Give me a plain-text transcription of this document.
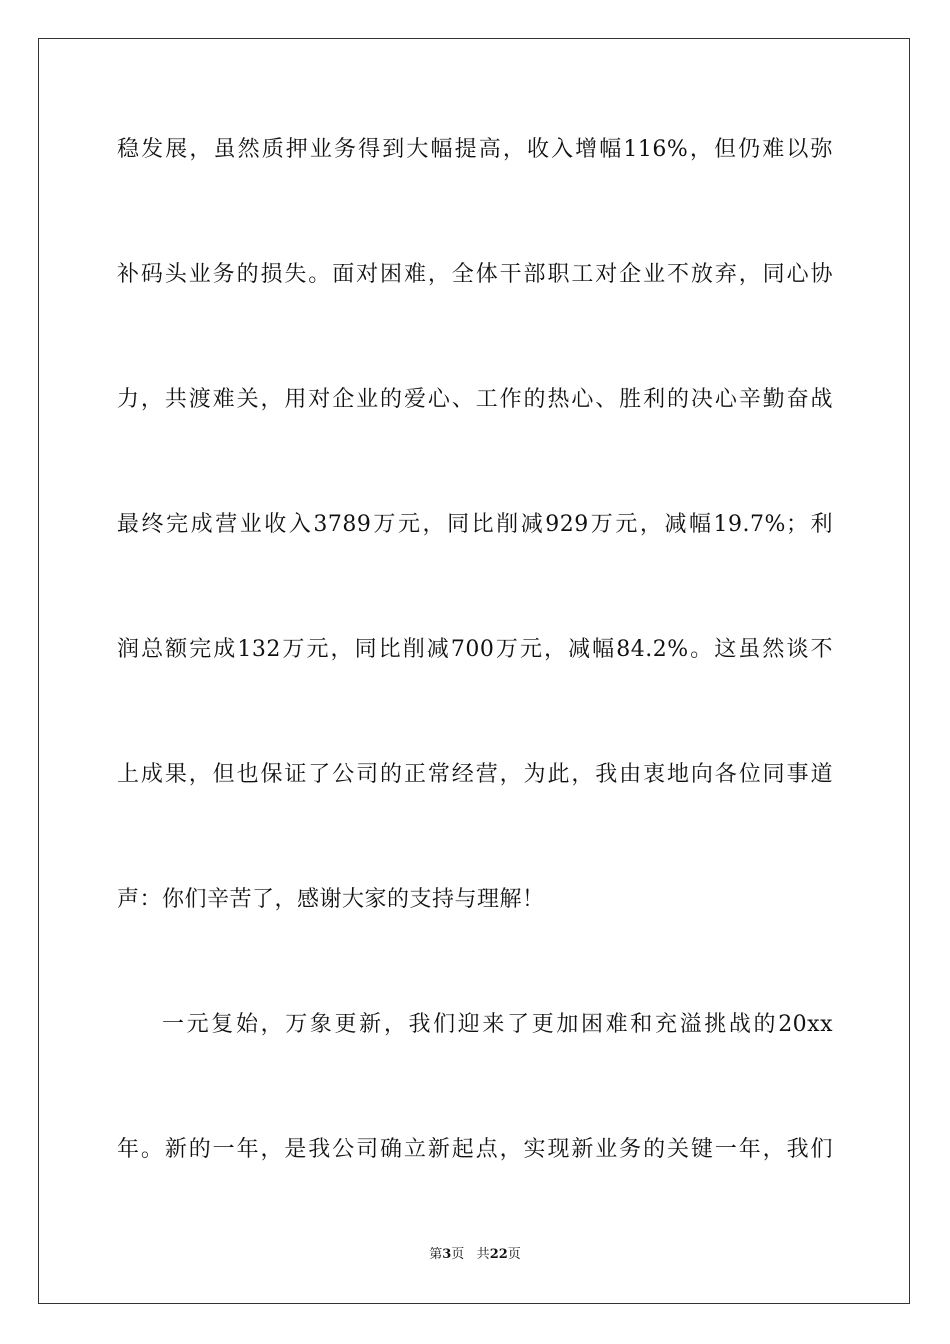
稳发展，虽然质押业务得到大幅提高，收入增幅116%，但仍难以弥
补码头业务的损失。面对困难，全体干部职工对企业不放弃，同心协
力，共渡难关，用对企业的爱心、工作的热心、胜利的决心辛勤奋战
最终完成营业收入3789万元，同比削减929万元，减幅19.7%；利
润总额完成132万元，同比削减700万元，减幅84.2%。这虽然谈不
上成果，但也保证了公司的正常经营，为此，我由衷地向各位同事道
声：你们辛苦了，感谢大家的支持与理解！
一元复始，万象更新，我们迎来了更加困难和充溢挑战的20xx
年。新的一年，是我公司确立新起点，实现新业务的关键一年，我们
第3页 共22页
